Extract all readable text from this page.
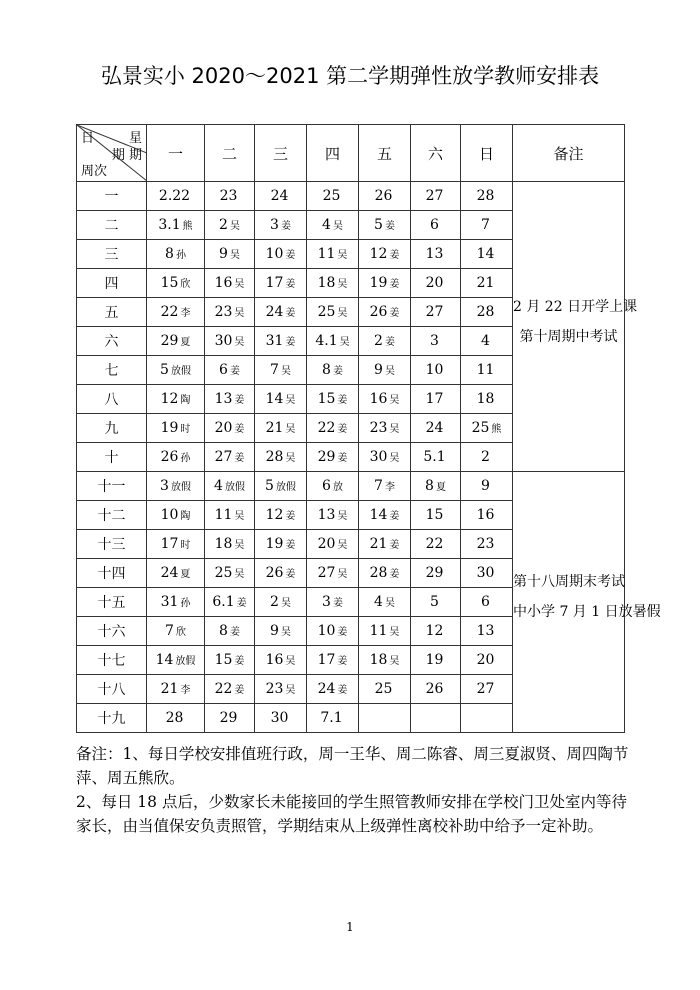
弘景实小 2020～2021 第二学期弹性放学教师安排表
日 星
期 期
周次	一	二	三	四	五	六	日	备注
一	2.22	23	24	25	26	27	28	2 月 22 日开学上课

第十周期中考试

二	3.1 熊	2 吴	3 姜	4 吴	5 姜	6	7	
三	8 孙	9 吴	10 姜	11 吴	12 姜	13	14	
四	15 欣	16 吴	17 姜	18 吴	19 姜	20	21	
五	22 李	23 吴	24 姜	25 吴	26 姜	27	28	
六	29 夏	30 吴	31 姜	4.1 吴	2 姜	3	4	
七	5 放假	6 姜	7 吴	8 姜	9 吴	10	11	
八	12 陶	13 姜	14 吴	15 姜	16 吴	17	18	
九	19 时	20 姜	21 吴	22 姜	23 吴	24	25 熊	
十	26 孙	27 姜	28 吴	29 姜	30 吴	5.1	2	
十一	3 放假	4 放假	5 放假	6 放	7 李	8 夏	9	第十八周期末考试

中小学 7 月 1 日放暑假

十二	10 陶	11 吴	12 姜	13 吴	14 姜	15	16	
十三	17 时	18 吴	19 姜	20 吴	21 姜	22	23	
十四	24 夏	25 吴	26 姜	27 吴	28 姜	29	30	
十五	31 孙	6.1 姜	2 吴	3 姜	4 吴	5	6	
十六	7 欣	8 姜	9 吴	10 姜	11 吴	12	13	
十七	14 放假	15 姜	16 吴	17 姜	18 吴	19	20	
十八	21 李	22 姜	23 吴	24 姜	25	26	27	
十九	28	29	30	7.1				

备注：1、每日学校安排值班行政，周一王华、周二陈睿、周三夏淑贤、周四陶节萍、周五熊欣。

2、每日 18 点后，少数家长未能接回的学生照管教师安排在学校门卫处室内等待家长，由当值保安负责照管，学期结束从上级弹性离校补助中给予一定补助。

1
